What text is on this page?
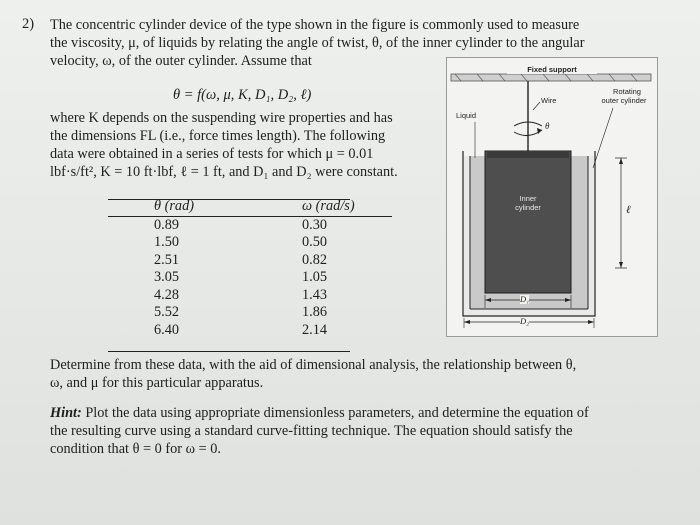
2) The concentric cylinder device of the type shown in the figure is commonly used to measure
the viscosity, μ, of liquids by relating the angle of twist, θ, of the inner cylinder to the angular
velocity, ω, of the outer cylinder. Assume that
θ = f(ω, μ, K, D₁, D₂, ℓ)
where K depends on the suspending wire properties and has
the dimensions FL (i.e., force times length). The following
data were obtained in a series of tests for which μ = 0.01
lbf·s/ft², K = 10 ft·lbf, ℓ = 1 ft, and D₁ and D₂ were constant.
θ (rad)	ω (rad/s)
0.89	0.30
1.50	0.50
2.51	0.82
3.05	1.05
4.28	1.43
5.52	1.86
6.40	2.14
Determine from these data, with the aid of dimensional analysis, the relationship between θ,
ω, and μ for this particular apparatus.
Hint: Plot the data using appropriate dimensionless parameters, and determine the equation of
the resulting curve using a standard curve-fitting technique. The equation should satisfy the
condition that θ = 0 for ω = 0.
Fixed support
Wire
Rotating
outer cylinder
Liquid
θ
Inner
cylinder	ℓ
D₁
D₂
